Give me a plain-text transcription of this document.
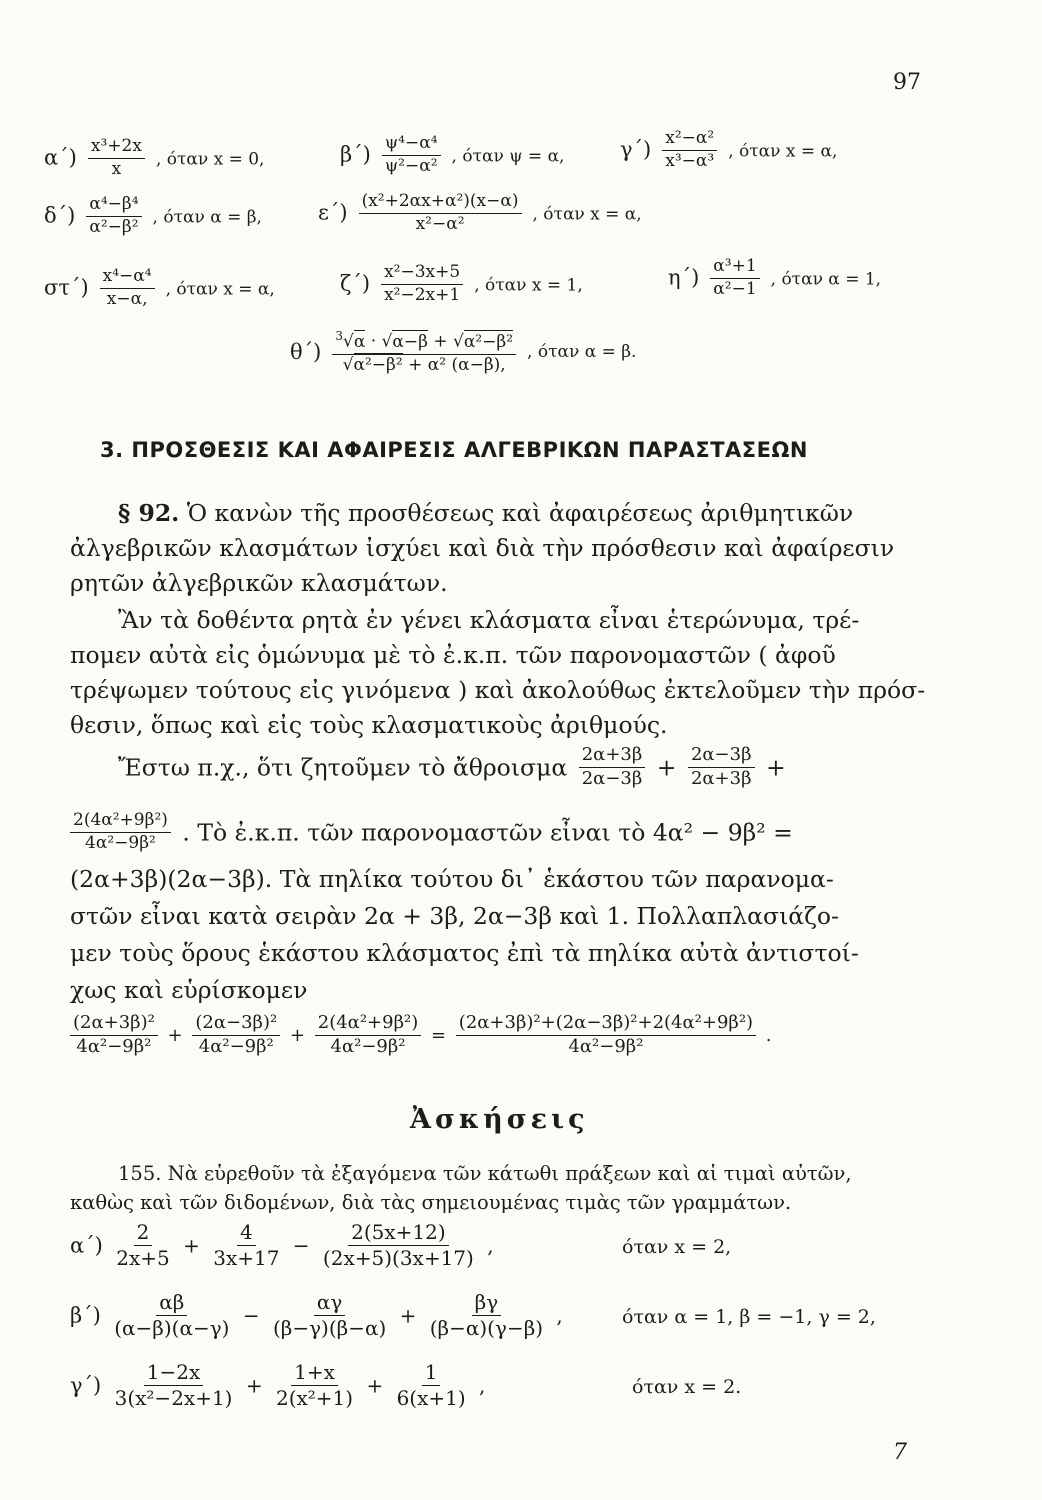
97
$\alpha΄) \frac{\text{x³+2x}}{x}$ , όταν x = 0,	$\beta΄) \frac{\text{ψ⁴−α⁴}}{\text{ψ²−α²}}$ , όταν ψ = α,	$\gamma΄) \frac{\text{x²−α²}}{\text{x³−α³}}$ , όταν x = α,
$\delta΄) \frac{\text{α⁴−β⁴}}{\text{α²−β²}}$ , όταν α = β,	$\varepsilon΄) \frac{\text{(x²+2αx+α²)(x−α)}}{\text{x²−α²}}$ , όταν x = α,
$\sigma\tau΄) \frac{\text{x⁴−α⁴}}{x-\alpha,}$ , όταν x = α,	$\zeta΄) \frac{\text{x²−3x+5}}{\text{x²−2x+1}}$ , όταν x = 1,	$\eta΄) \frac{\text{α³+1}}{\text{α²−1}}$ , όταν α = 1,
$\theta΄) \frac{^3√\alpha \cdot √\alpha-\beta + √\alpha^2-\beta^2}{\text{√α²−β² + α² (α−β),}}$ , όταν α = β.
3. ΠΡΟΣΘΕΣΙΣ ΚΑΙ ΑΦΑΙΡΕΣΙΣ ΑΛΓΕΒΡΙΚΩΝ ΠΑΡΑΣΤΑΣΕΩΝ
§ 92. Ὁ κανὼν τῆς προσθέσεως καὶ ἀφαιρέσεως ἀριθμητικῶν
ἀλγεβρικῶν κλασμάτων ἰσχύει καὶ διὰ τὴν πρόσθεσιν καὶ ἀφαίρεσιν
ρητῶν ἀλγεβρικῶν κλασμάτων.
Ἂν τὰ δοθέντα ρητὰ ἐν γένει κλάσματα εἶναι ἑτερώνυμα, τρέ-
πομεν αὐτὰ εἰς ὁμώνυμα μὲ τὸ ἐ.κ.π. τῶν παρονομαστῶν ( ἀφοῦ
τρέψωμεν τούτους εἰς γινόμενα ) καὶ ἀκολούθως ἐκτελοῦμεν τὴν πρόσ-
θεσιν, ὅπως καὶ εἰς τοὺς κλασματικοὺς ἀριθμούς.
Ἔστω π.χ., ὅτι ζητοῦμεν τὸ ἄθροισμα $\frac{2\alpha+3\beta}{2\alpha-3\beta} + \frac{2\alpha-3\beta}{2\alpha+3\beta}$ +
$\frac{\text{2(4α²+9β²)}}{\text{4α²−9β²}}$ . Τὸ ἐ.κ.π. τῶν παρονομαστῶν εἶναι τὸ 4α² − 9β² =
(2α+3β)(2α−3β). Τὰ πηλίκα τούτου δι᾽ ἑκάστου τῶν παρανομα-
στῶν εἶναι κατὰ σειρὰν 2α + 3β, 2α−3β καὶ 1. Πολλαπλασιάζο-
μεν τοὺς ὅρους ἑκάστου κλάσματος ἐπὶ τὰ πηλίκα αὐτὰ ἀντιστοί-
χως καὶ εὑρίσκομεν
$\frac{\text{(2α+3β)²}}{\text{4α²−9β²}} + \frac{\text{(2α−3β)²}}{\text{4α²−9β²}} + \frac{\text{2(4α²+9β²)}}{\text{4α²−9β²}} = \frac{\text{(2α+3β)²+(2α−3β)²+2(4α²+9β²)}}{\text{4α²−9β²}}$ .
Ἀσκήσεις
155. Νὰ εὑρεθοῦν τὰ ἐξαγόμενα τῶν κάτωθι πράξεων καὶ αἱ τιμαὶ αὐτῶν,
καθὼς καὶ τῶν διδομένων, διὰ τὰς σημειουμένας τιμὰς τῶν γραμμάτων.
$\alpha΄) \frac{2}{2x+5} + \frac{4}{3x+17} - \frac{2(5x+12)}{(2x+5)(3x+17)}$ ,	όταν x = 2,
$\beta΄) \frac{\alpha\beta}{(\alpha-\beta)(\alpha-\gamma)} - \frac{\alpha\gamma}{(\beta-\gamma)(\beta-\alpha)} + \frac{\beta\gamma}{(\beta-\alpha)(\gamma-\beta)}$ ,	όταν α = 1, β = −1, γ = 2,
$\gamma΄) \frac{1-2x}{\text{3(x²−2x+1)}} + \frac{1+x}{\text{2(x²+1)}} + \frac{1}{6(x+1)}$ ,	όταν x = 2.
7
